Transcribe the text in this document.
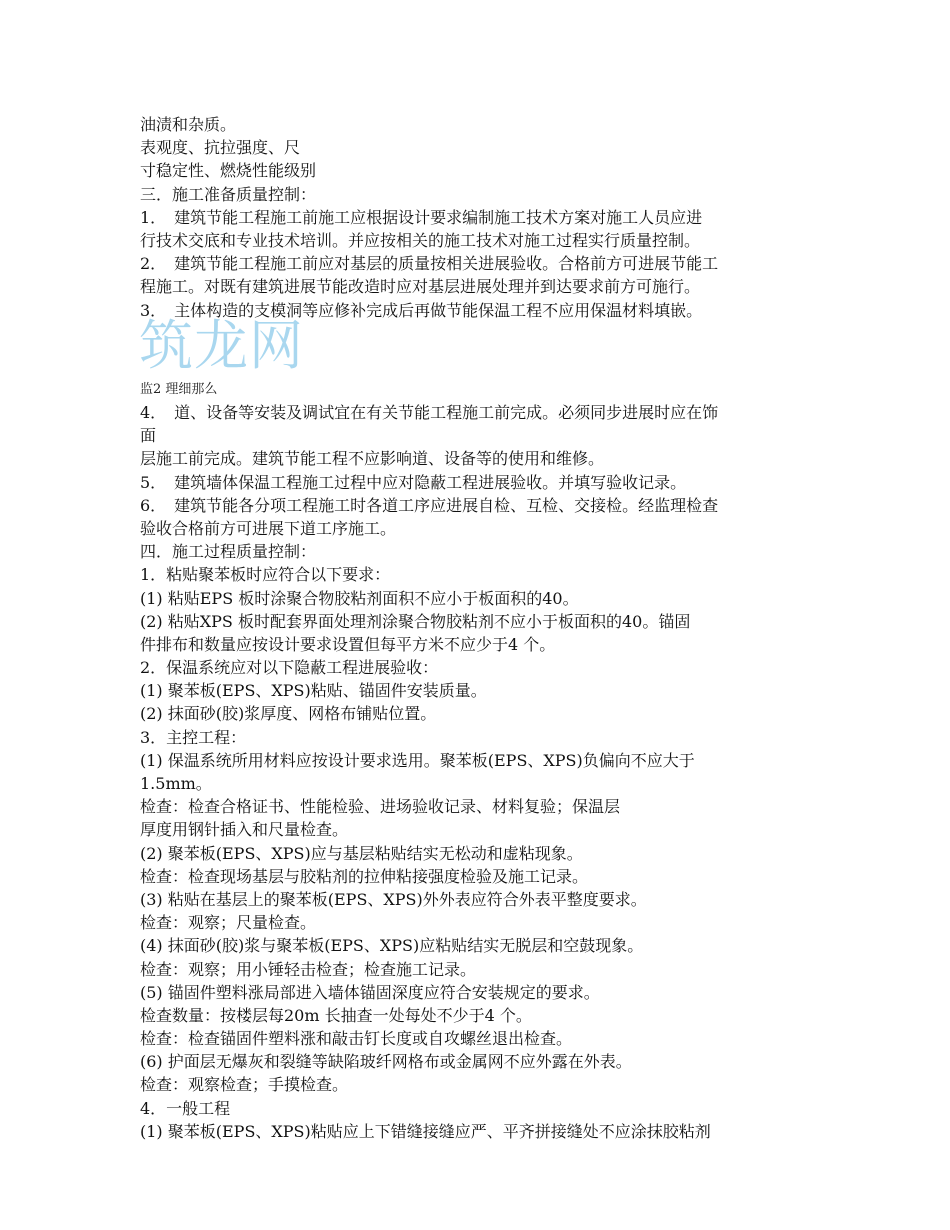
油渍和杂质。
表观度、抗拉强度、尺
寸稳定性、燃烧性能级别
三．施工准备质量控制：
1．　建筑节能工程施工前施工应根据设计要求编制施工技术方案对施工人员应进
行技术交底和专业技术培训。并应按相关的施工技术对施工过程实行质量控制。
2．　建筑节能工程施工前应对基层的质量按相关进展验收。合格前方可进展节能工
程施工。对既有建筑进展节能改造时应对基层进展处理并到达要求前方可施行。
3．　主体构造的支模洞等应修补完成后再做节能保温工程不应用保温材料填嵌。
筑龙网
监2 理细那么
4．　道、设备等安装及调试宜在有关节能工程施工前完成。必须同步进展时应在饰
面
层施工前完成。建筑节能工程不应影响道、设备等的使用和维修。
5．　建筑墙体保温工程施工过程中应对隐蔽工程进展验收。并填写验收记录。
6．　建筑节能各分项工程施工时各道工序应进展自检、互检、交接检。经监理检查
验收合格前方可进展下道工序施工。
四．施工过程质量控制：
1．粘贴聚苯板时应符合以下要求：
(1) 粘贴EPS 板时涂聚合物胶粘剂面积不应小于板面积的40。
(2) 粘贴XPS 板时配套界面处理剂涂聚合物胶粘剂不应小于板面积的40。锚固
件排布和数量应按设计要求设置但每平方米不应少于4 个。
2．保温系统应对以下隐蔽工程进展验收：
(1) 聚苯板(EPS、XPS)粘贴、锚固件安装质量。
(2) 抹面砂(胶)浆厚度、网格布铺贴位置。
3．主控工程：
(1) 保温系统所用材料应按设计要求选用。聚苯板(EPS、XPS)负偏向不应大于
1.5mm。
检查：检查合格证书、性能检验、进场验收记录、材料复验；保温层
厚度用钢针插入和尺量检查。
(2) 聚苯板(EPS、XPS)应与基层粘贴结实无松动和虚粘现象。
检查：检查现场基层与胶粘剂的拉伸粘接强度检验及施工记录。
(3) 粘贴在基层上的聚苯板(EPS、XPS)外外表应符合外表平整度要求。
检查：观察；尺量检查。
(4) 抹面砂(胶)浆与聚苯板(EPS、XPS)应粘贴结实无脱层和空鼓现象。
检查：观察；用小锤轻击检查；检查施工记录。
(5) 锚固件塑料涨局部进入墙体锚固深度应符合安装规定的要求。
检查数量：按楼层每20m 长抽查一处每处不少于4 个。
检查：检查锚固件塑料涨和敲击钉长度或自攻螺丝退出检查。
(6) 护面层无爆灰和裂缝等缺陷玻纤网格布或金属网不应外露在外表。
检查：观察检查；手摸检查。
4．一般工程
(1) 聚苯板(EPS、XPS)粘贴应上下错缝接缝应严、平齐拼接缝处不应涂抹胶粘剂
